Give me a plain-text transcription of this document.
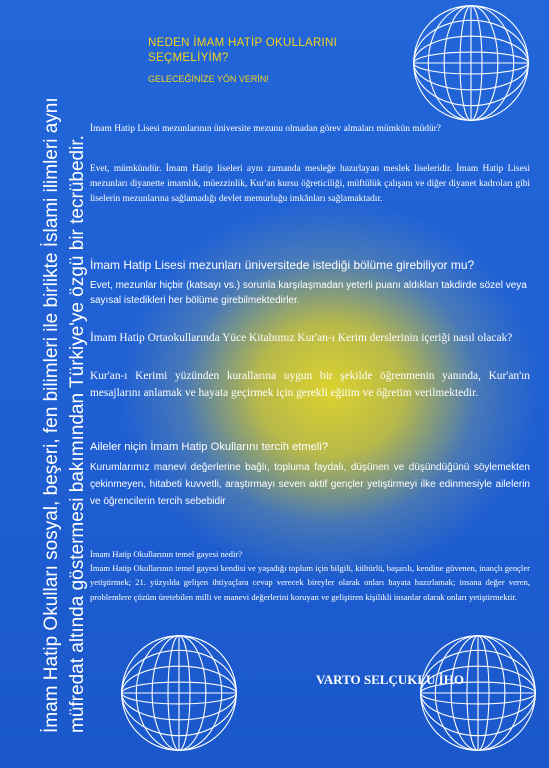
İmam Hatip Okulları sosyal, beşeri, fen bilimleri ile birlikte İslami ilimleri aynı müfredat altında göstermesi bakımından Türkiye'ye özgü bir tecrübedir.
NEDEN İMAM HATİP OKULLARINI
SEÇMELİYİM?
GELECEĞİNİZE YÖN VERİN!
İmam Hatip Lisesi mezunlarının üniversite mezunu olmadan görev almaları mümkün müdür?
Evet, mümkündür. İmam Hatip liseleri aynı zamanda mesleğe hazırlayan meslek liseleridir. İmam Hatip Lisesi mezunları diyanette imamlık, müezzinlik, Kur'an kursu öğreticiliği, müftülük çalışanı ve diğer diyanet kadroları gibi liselerin mezunlarına sağlamadığı devlet memurluğu imkânları sağlamaktadır.
İmam Hatip Lisesi mezunları üniversitede istediği bölüme girebiliyor mu?
Evet, mezunlar hiçbir (katsayı vs.) sorunla karşılaşmadan yeterli puanı aldıkları takdirde sözel veya sayısal istedikleri her bölüme girebilmektedirler.
İmam Hatip Ortaokullarında Yüce Kitabımız Kur'an-ı Kerim derslerinin içeriği nasıl olacak?
Kur'an-ı Kerimi yüzünden kurallarına uygun bir şekilde öğrenmenin yanında, Kur'an'ın mesajlarını anlamak ve hayata geçirmek için gerekli eğitim ve öğretim verilmektedir.
Aileler niçin İmam Hatip Okullarını tercih etmeli?
Kurumlarımız manevi değerlerine bağlı, topluma faydalı, düşünen ve düşündüğünü söylemekten çekinmeyen, hitabeti kuvvetli, araştırmayı seven aktif gençler yetiştirmeyi ilke edinmesiyle ailelerin ve öğrencilerin tercih sebebidir
İmam Hatip Okullarının temel gayesi nedir?
İmam Hatip Okullarının temel gayesi kendisi ve yaşadığı toplum için bilgili, kültürlü, başarılı, kendine güvenen, inançlı gençler yetiştirmek; 21. yüzyılda gelişen ihtiyaçlara cevap verecek bireyler olarak onları hayata hazırlamak; insana değer veren, problemlere çözüm üretebilen milli ve manevi değerlerini koruyan ve geliştiren kişilikli insanlar olarak onları yetiştirmektir.
VARTO SELÇUKLU İHO
